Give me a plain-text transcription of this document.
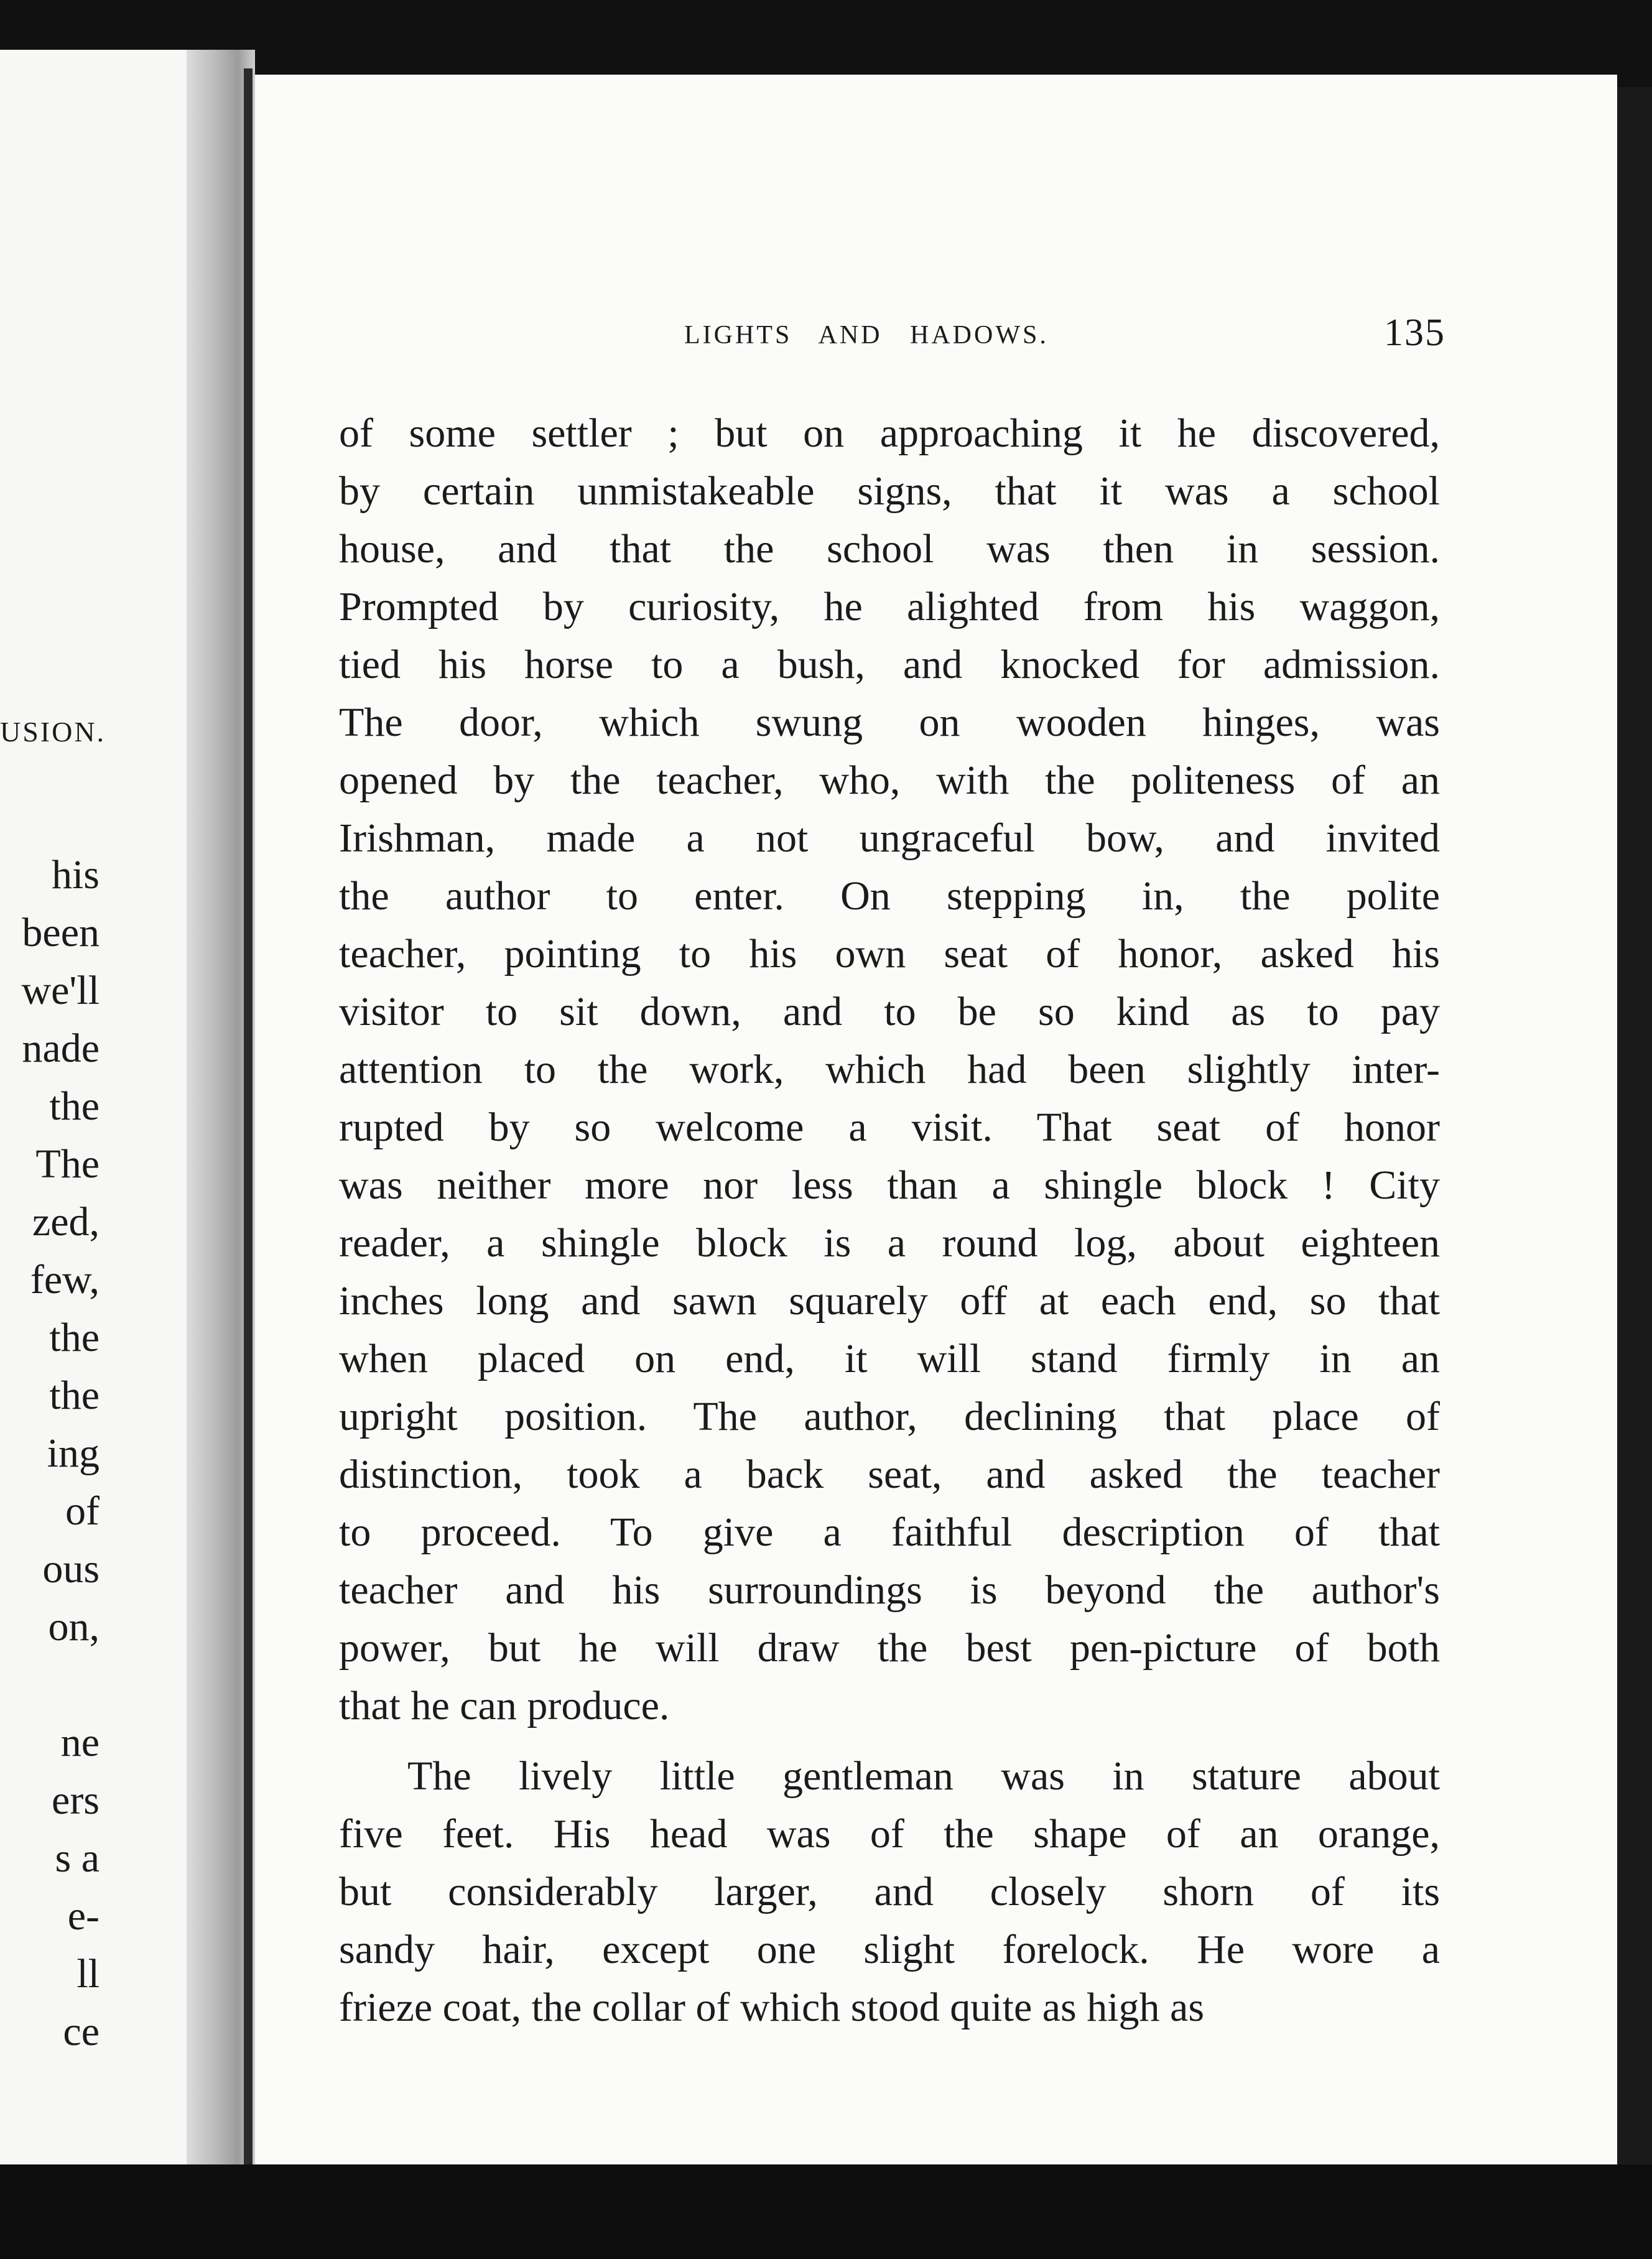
USION.
his
been
we'll
nade
the
The
zed,
few,
the
the
ing
of
ous
on,
ne
ers
s a
e-
ll
ce
LIGHTS AND HADOWS.	135
of some settler ; but on approaching it he discovered,
by certain unmistakeable signs, that it was a school
house, and that the school was then in session.
Prompted by curiosity, he alighted from his waggon,
tied his horse to a bush, and knocked for admission.
The door, which swung on wooden hinges, was
opened by the teacher, who, with the politeness of an
Irishman, made a not ungraceful bow, and invited
the author to enter. On stepping in, the polite
teacher, pointing to his own seat of honor, asked his
visitor to sit down, and to be so kind as to pay
attention to the work, which had been slightly inter-
rupted by so welcome a visit. That seat of honor
was neither more nor less than a shingle block ! City
reader, a shingle block is a round log, about eighteen
inches long and sawn squarely off at each end, so that
when placed on end, it will stand firmly in an
upright position. The author, declining that place of
distinction, took a back seat, and asked the teacher
to proceed. To give a faithful description of that
teacher and his surroundings is beyond the author's
power, but he will draw the best pen-picture of both
that he can produce.
The lively little gentleman was in stature about
five feet. His head was of the shape of an orange,
but considerably larger, and closely shorn of its
sandy hair, except one slight forelock. He wore a
frieze coat, the collar of which stood quite as high as
